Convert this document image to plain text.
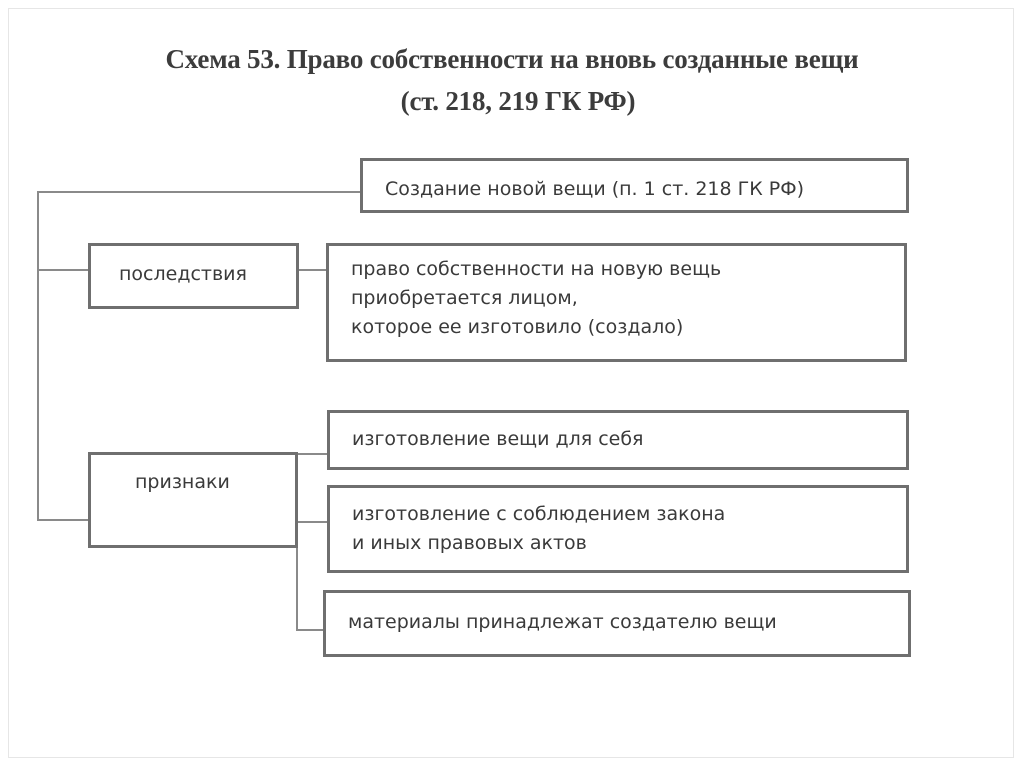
Схема 53. Право собственности на вновь созданные вещи
(ст. 218, 219 ГК РФ)
Создание новой вещи (п. 1 ст. 218 ГК РФ)
последствия	право собственности на новую вещь
приобретается лицом,
которое ее изготовило (создало)
признаки
изготовление вещи для себя
изготовление с соблюдением закона
и иных правовых актов
материалы принадлежат создателю вещи
